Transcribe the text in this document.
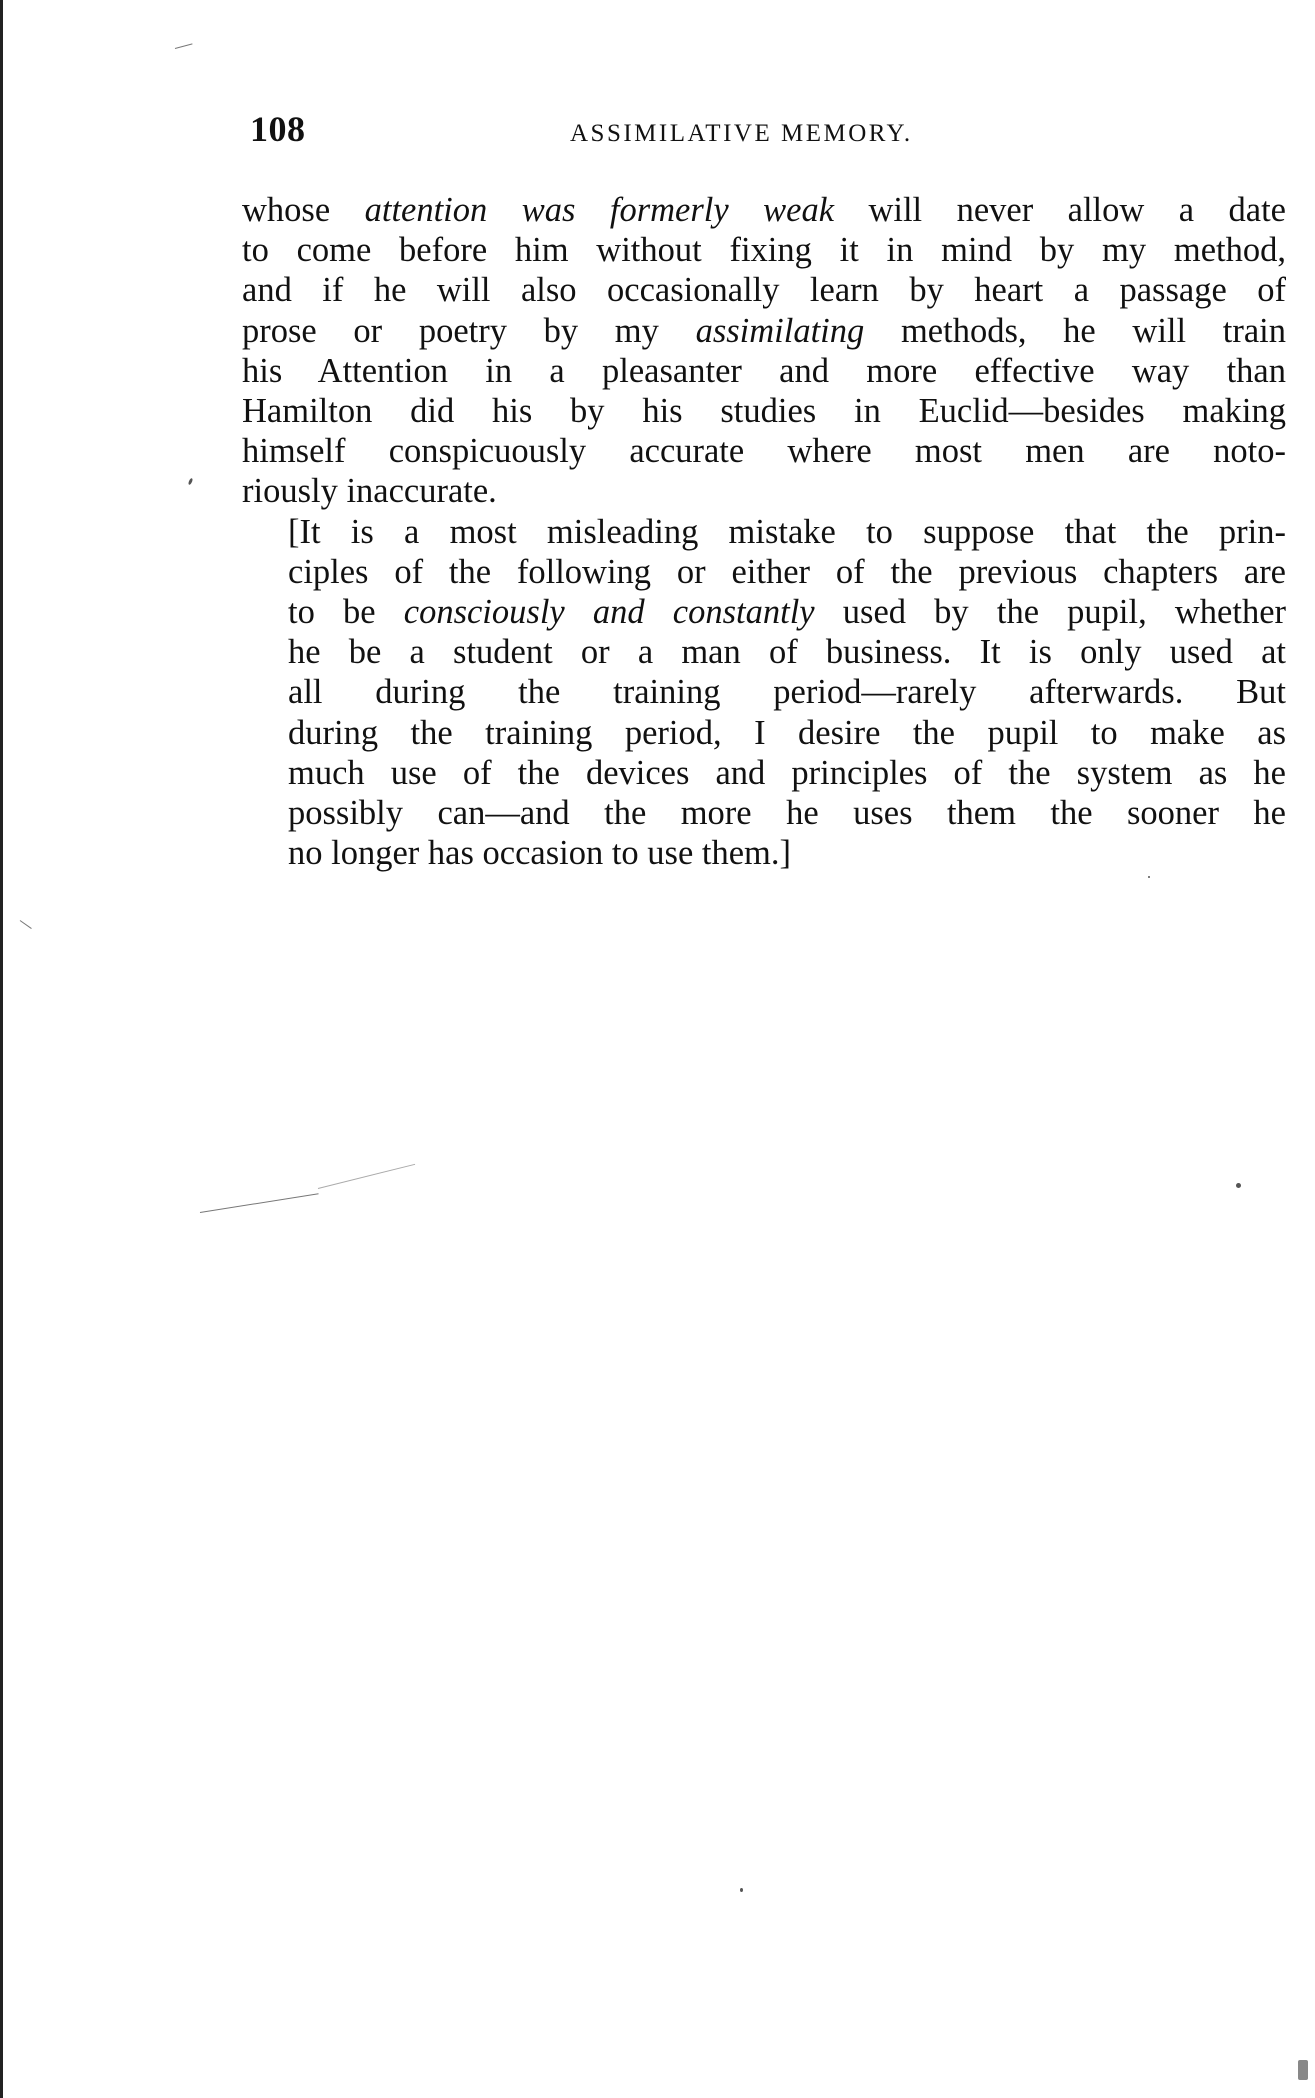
108	ASSIMILATIVE MEMORY.

whose attention was formerly weak will never allow a date
to come before him without fixing it in mind by my method,
and if he will also occasionally learn by heart a passage of
prose or poetry by my assimilating methods, he will train
his Attention in a pleasanter and more effective way than
Hamilton did his by his studies in Euclid—besides making
himself conspicuously accurate where most men are noto-
riously inaccurate.

[It is a most misleading mistake to suppose that the prin-
ciples of the following or either of the previous chapters are
to be consciously and constantly used by the pupil, whether
he be a student or a man of business. It is only used at
all during the training period—rarely afterwards. But
during the training period, I desire the pupil to make as
much use of the devices and principles of the system as he
possibly can—and the more he uses them the sooner he
no longer has occasion to use them.]
